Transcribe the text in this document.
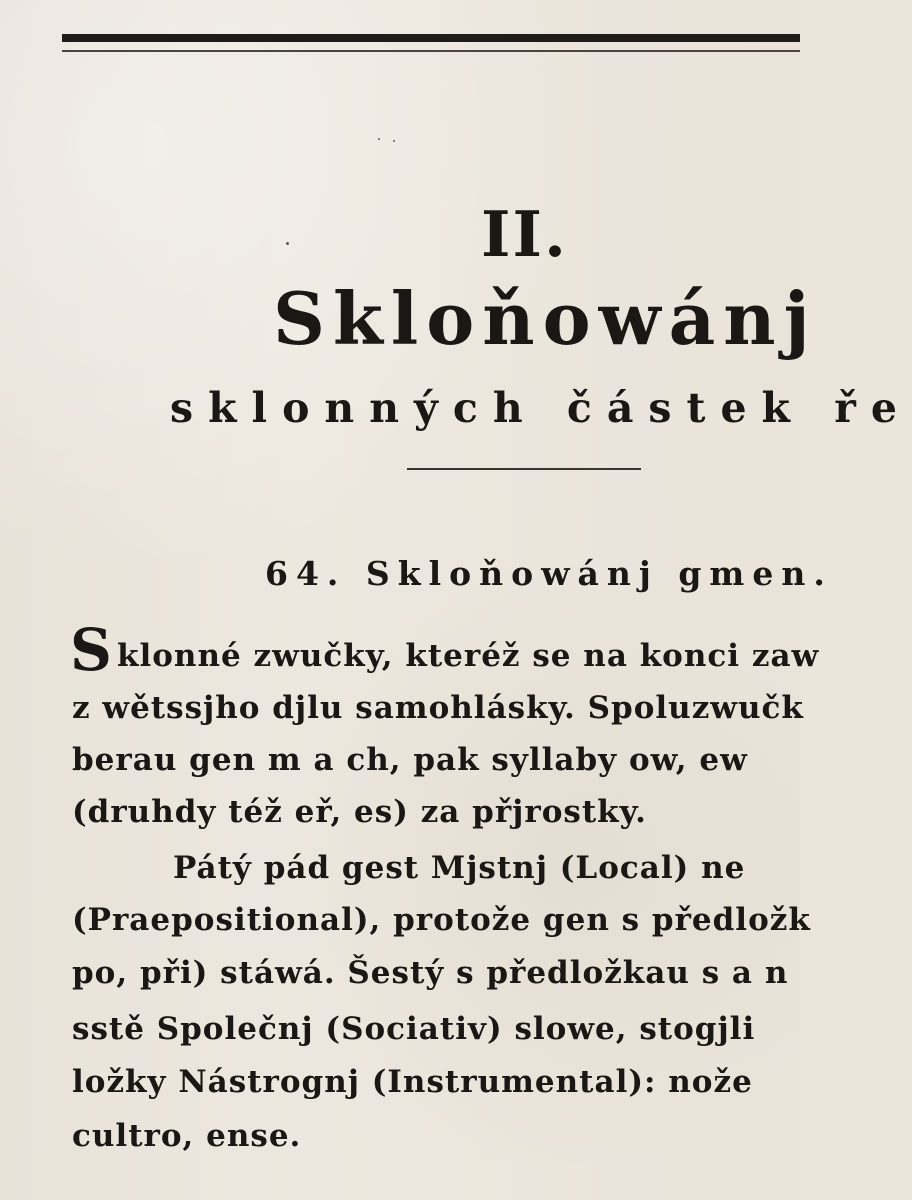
II.
Skloňowánj
sklonných částek ře
64. Skloňowánj gmen.
S klonné zwučky, kteréž se na konci zaw
z wětssjho djlu samohlásky. Spoluzwučk
berau gen m a ch, pak syllaby ow, ew
(druhdy též eř, es) za přjrostky.
Pátý pád gest Mjstnj (Local) ne
(Praepositional), protože gen s předložk
po, při) stáwá. Šestý s předložkau s a n
sstě Společnj (Sociativ) slowe, stogjli
ložky Nástrognj (Instrumental): nože
cultro, ense.
